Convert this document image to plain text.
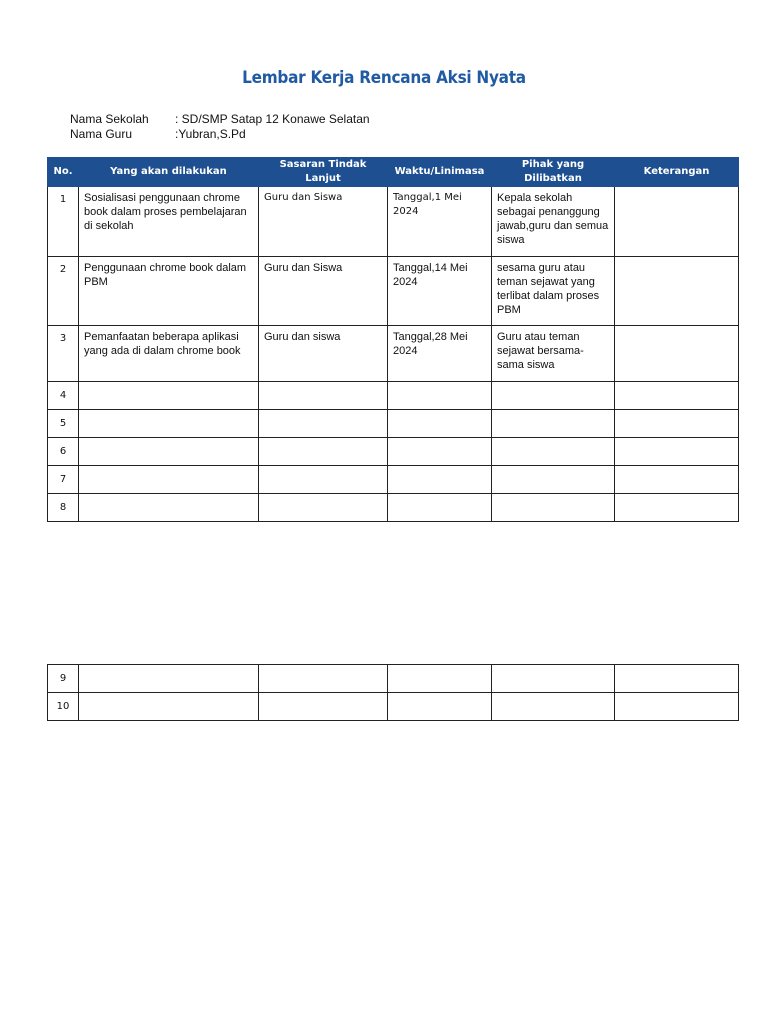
Lembar Kerja Rencana Aksi Nyata
Nama Sekolah	: SD/SMP Satap 12 Konawe Selatan
Nama Guru	:Yubran,S.Pd
No.	Yang akan dilakukan	Sasaran Tindak Lanjut	Waktu/Linimasa	Pihak yang Dilibatkan	Keterangan
1	Sosialisasi penggunaan chrome book dalam proses pembelajaran di sekolah	Guru dan Siswa	Tanggal,1 Mei 2024	Kepala sekolah sebagai penanggung jawab,guru dan semua siswa	
2	Penggunaan chrome book dalam PBM	Guru dan Siswa	Tanggal,14 Mei 2024	sesama guru atau teman sejawat yang terlibat dalam proses PBM	
3	Pemanfaatan beberapa aplikasi yang ada di dalam chrome book	Guru dan siswa	Tanggal,28 Mei 2024	Guru atau teman sejawat bersama-sama siswa	
4					
5					
6					
7					
8					
9					
10					
